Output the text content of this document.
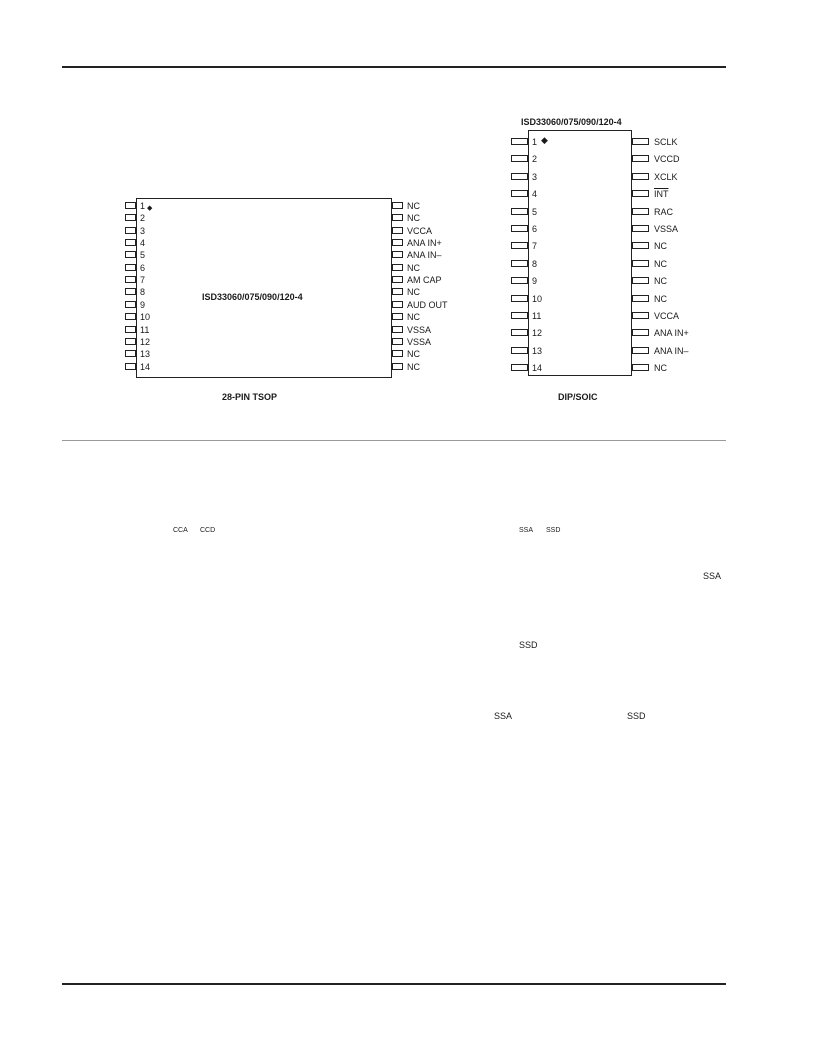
ISD33060/075/090/120-4
◆
1
2
3
4
5
6
7
8
9
10
11
12
13
14
NC
NC
VCCA
ANA IN+
ANA IN–
NC
AM CAP
NC
AUD OUT
NC
VSSA
VSSA
NC
NC
28-PIN TSOP
ISD33060/075/090/120-4
◆
1
2
3
4
5
6
7
8
9
10
11
12
13
14
SCLK
VCCD
XCLK
$\overline{INT}$
RAC
VSSA
NC
NC
NC
NC
VCCA
ANA IN+
ANA IN–
NC
DIP/SOIC
CCA CCD	SSA SSD
SSA
SSD
SSA	SSD
